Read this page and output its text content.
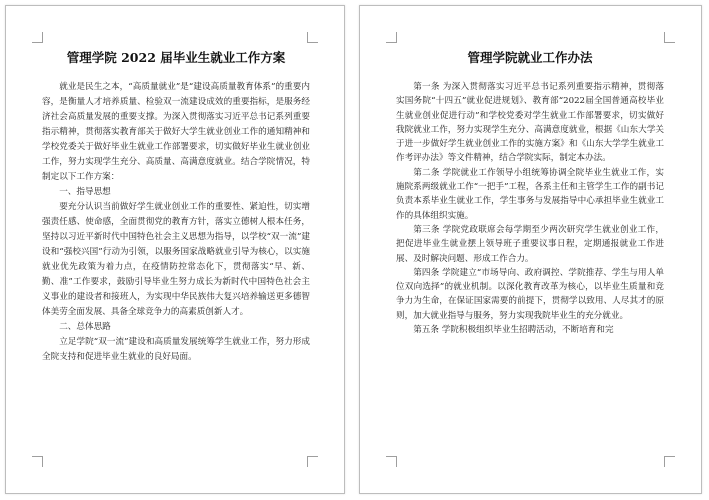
管理学院 2022 届毕业生就业工作方案

就业是民生之本，“高质量就业”是“建设高质量教育体系”的重要内容，是衡量人才培养质量、检验双一流建设成效的重要指标，是服务经济社会高质量发展的重要支撑。为深入贯彻落实习近平总书记系列重要指示精神，贯彻落实教育部关于做好大学生就业创业工作的通知精神和学校党委关于做好毕业生就业工作部署要求，切实做好毕业生就业创业工作，努力实现学生充分、高质量、高满意度就业。结合学院情况，特制定以下工作方案：

一、指导思想

要充分认识当前做好学生就业创业工作的重要性、紧迫性，切实增强责任感、使命感，全面贯彻党的教育方针，落实立德树人根本任务，坚持以习近平新时代中国特色社会主义思想为指导，以学校“双一流”建设和“强校兴国”行动为引领，以服务国家战略就业引导为核心，以实施就业优先政策为着力点，在疫情防控常态化下，贯彻落实“早、新、勤、准”工作要求，鼓励引导毕业生努力成长为新时代中国特色社会主义事业的建设者和接班人，为实现中华民族伟大复兴培养输送更多德智体美劳全面发展、具备全球竞争力的高素质创新人才。

二、总体思路

立足学院“双一流”建设和高质量发展统筹学生就业工作，努力形成全院支持和促进毕业生就业的良好局面。

管理学院就业工作办法

第一条 为深入贯彻落实习近平总书记系列重要指示精神，贯彻落实国务院“十四五”就业促进规划》、教育部“2022届全国普通高校毕业生就业创业促进行动”和学校党委对学生就业工作部署要求，切实做好我院就业工作，努力实现学生充分、高满意度就业，根据《山东大学关于进一步做好学生就业创业工作的实施方案》和《山东大学学生就业工作考评办法》等文件精神，结合学院实际，制定本办法。

第二条 学院就业工作领导小组统筹协调全院毕业生就业工作，实施院系两级就业工作“一把手”工程，各系主任和主管学生工作的副书记负责本系毕业生就业工作，学生事务与发展指导中心承担毕业生就业工作的具体组织实施。

第三条 学院党政联席会每学期至少两次研究学生就业创业工作，把促进毕业生就业摆上领导班子重要议事日程，定期通报就业工作进展、及时解决问题、形成工作合力。

第四条 学院建立“市场导向、政府调控、学院推荐、学生与用人单位双向选择”的就业机制。以深化教育改革为核心，以毕业生质量和竞争力为生命，在保证国家需要的前提下，贯彻学以致用、人尽其才的原则，加大就业指导与服务，努力实现我院毕业生的充分就业。

第五条 学院积极组织毕业生招聘活动，不断培育和完
